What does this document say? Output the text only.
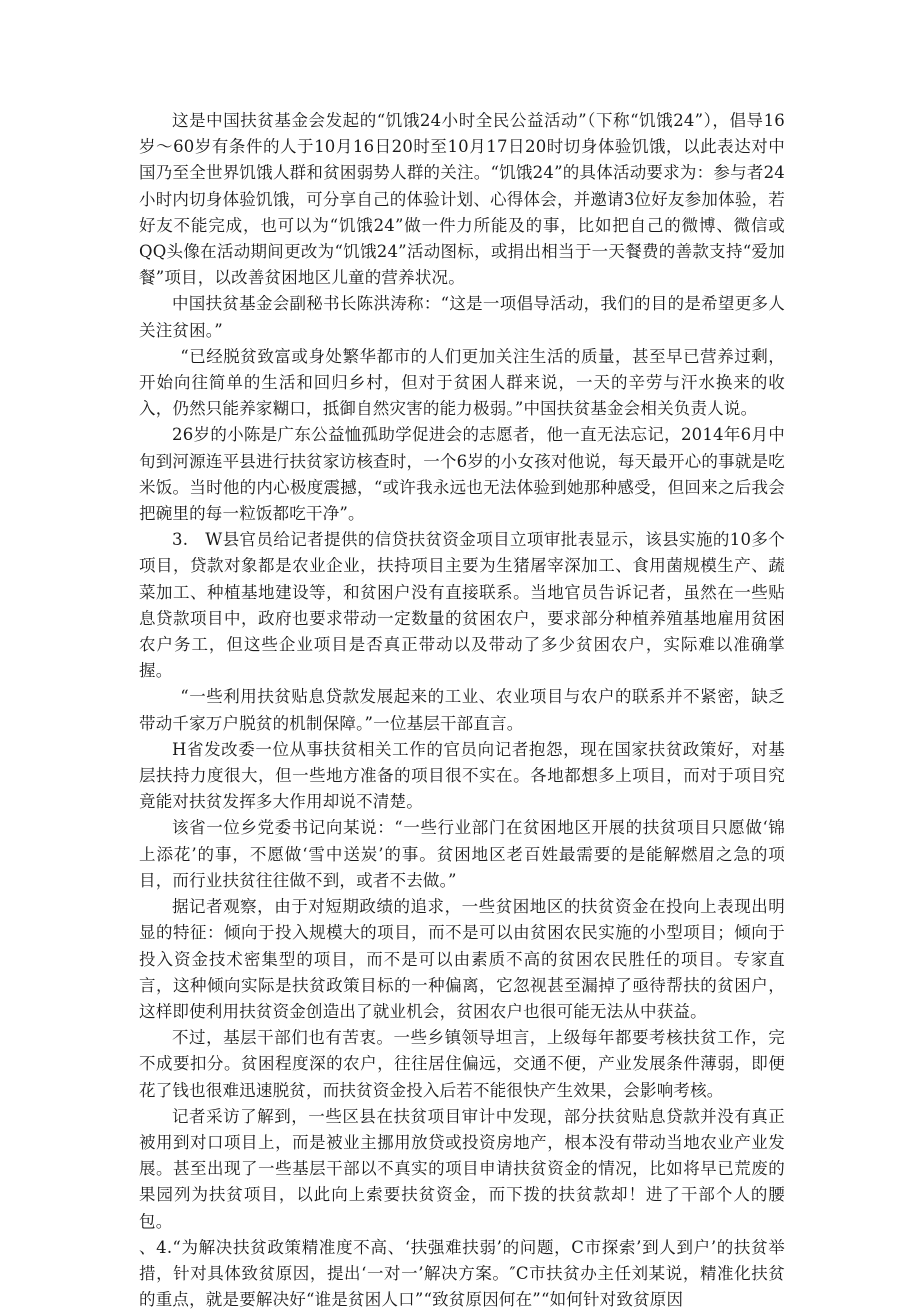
这是中国扶贫基金会发起的“饥饿24小时全民公益活动”（下称“饥饿24”），倡导16岁～60岁有条件的人于10月16日20时至10月17日20时切身体验饥饿，以此表达对中国乃至全世界饥饿人群和贫困弱势人群的关注。“饥饿24”的具体活动要求为：参与者24小时内切身体验饥饿，可分享自己的体验计划、心得体会，并邀请3位好友参加体验，若好友不能完成，也可以为“饥饿24”做一件力所能及的事，比如把自己的微博、微信或QQ头像在活动期间更改为“饥饿24”活动图标，或捐出相当于一天餐费的善款支持“爱加餐”项目，以改善贫困地区儿童的营养状况。

中国扶贫基金会副秘书长陈洪涛称：“这是一项倡导活动，我们的目的是希望更多人关注贫困。”

“已经脱贫致富或身处繁华都市的人们更加关注生活的质量，甚至早已营养过剩，开始向往简单的生活和回归乡村，但对于贫困人群来说，一天的辛劳与汗水换来的收入，仍然只能养家糊口，抵御自然灾害的能力极弱。”中国扶贫基金会相关负责人说。

26岁的小陈是广东公益恤孤助学促进会的志愿者，他一直无法忘记，2014年6月中旬到河源连平县进行扶贫家访核查时，一个6岁的小女孩对他说，每天最开心的事就是吃米饭。当时他的内心极度震撼，“或许我永远也无法体验到她那种感受，但回来之后我会把碗里的每一粒饭都吃干净”。

3.　W县官员给记者提供的信贷扶贫资金项目立项审批表显示，该县实施的10多个项目，贷款对象都是农业企业，扶持项目主要为生猪屠宰深加工、食用菌规模生产、蔬菜加工、种植基地建设等，和贫困户没有直接联系。当地官员告诉记者，虽然在一些贴息贷款项目中，政府也要求带动一定数量的贫困农户，要求部分种植养殖基地雇用贫困农户务工，但这些企业项目是否真正带动以及带动了多少贫困农户，实际难以准确掌握。

“一些利用扶贫贴息贷款发展起来的工业、农业项目与农户的联系并不紧密，缺乏带动千家万户脱贫的机制保障。”一位基层干部直言。

H省发改委一位从事扶贫相关工作的官员向记者抱怨，现在国家扶贫政策好，对基层扶持力度很大，但一些地方准备的项目很不实在。各地都想多上项目，而对于项目究竟能对扶贫发挥多大作用却说不清楚。

该省一位乡党委书记向某说：“一些行业部门在贫困地区开展的扶贫项目只愿做‘锦上添花’的事，不愿做‘雪中送炭’的事。贫困地区老百姓最需要的是能解燃眉之急的项目，而行业扶贫往往做不到，或者不去做。”

据记者观察，由于对短期政绩的追求，一些贫困地区的扶贫资金在投向上表现出明显的特征：倾向于投入规模大的项目，而不是可以由贫困农民实施的小型项目；倾向于投入资金技术密集型的项目，而不是可以由素质不高的贫困农民胜任的项目。专家直言，这种倾向实际是扶贫政策目标的一种偏离，它忽视甚至漏掉了亟待帮扶的贫困户，这样即使利用扶贫资金创造出了就业机会，贫困农户也很可能无法从中获益。

不过，基层干部们也有苦衷。一些乡镇领导坦言，上级每年都要考核扶贫工作，完不成要扣分。贫困程度深的农户，往往居住偏远，交通不便，产业发展条件薄弱，即便花了钱也很难迅速脱贫，而扶贫资金投入后若不能很快产生效果，会影响考核。

记者采访了解到，一些区县在扶贫项目审计中发现，部分扶贫贴息贷款并没有真正被用到对口项目上，而是被业主挪用放贷或投资房地产，根本没有带动当地农业产业发展。甚至出现了一些基层干部以不真实的项目申请扶贫资金的情况，比如将早已荒废的果园列为扶贫项目，以此向上索要扶贫资金，而下拨的扶贫款却！进了干部个人的腰包。

、4.“为解决扶贫政策精准度不高、‘扶强难扶弱’的问题，C市探索’到人到户’的扶贫举措，针对具体致贫原因，提出‘一对一’解决方案。″C市扶贫办主任刘某说，精准化扶贫的重点，就是要解决好“谁是贫困人口”“致贫原因何在”“如何针对致贫原因
